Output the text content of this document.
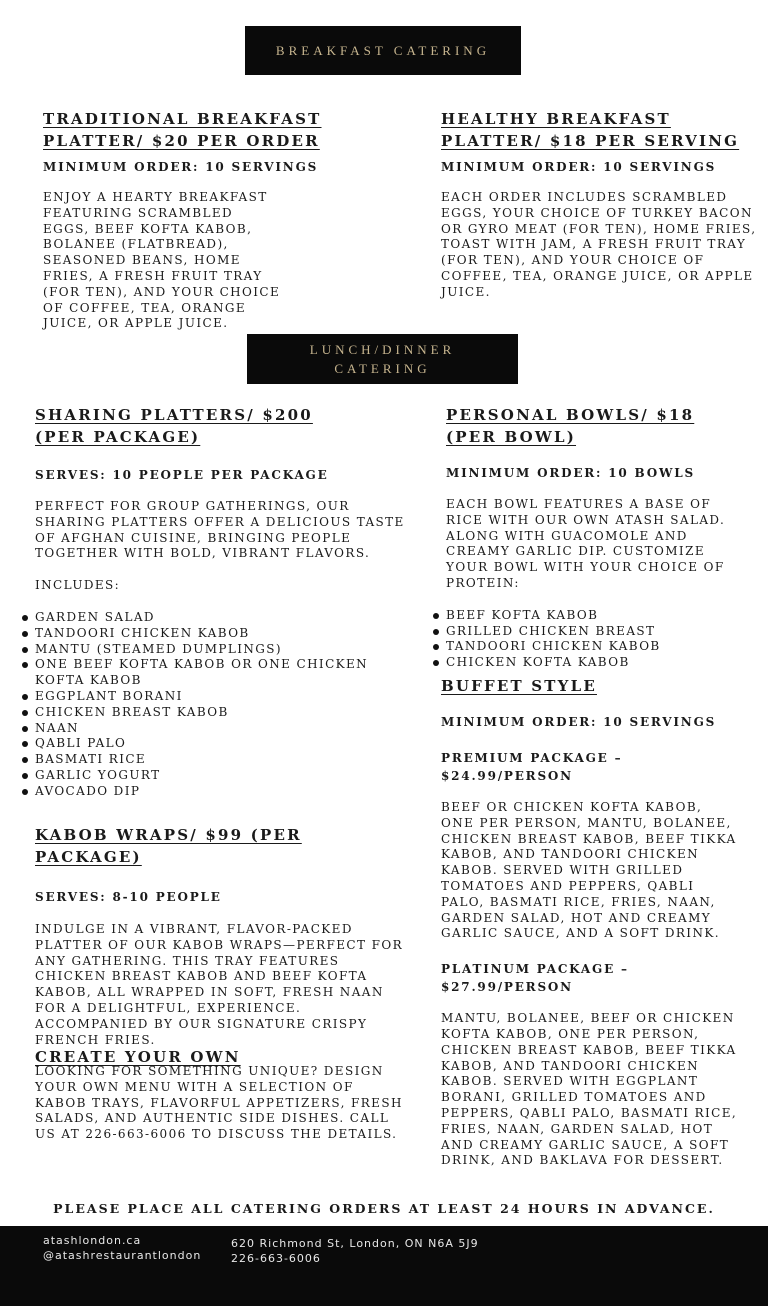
BREAKFAST CATERING
TRADITIONAL BREAKFAST
PLATTER/ $20 PER ORDER
MINIMUM ORDER: 10 SERVINGS
ENJOY A HEARTY BREAKFAST FEATURING SCRAMBLED EGGS, BEEF KOFTA KABOB, BOLANEE (FLATBREAD), SEASONED BEANS, HOME FRIES, A FRESH FRUIT TRAY (FOR TEN), AND YOUR CHOICE OF COFFEE, TEA, ORANGE JUICE, OR APPLE JUICE.
HEALTHY BREAKFAST
PLATTER/ $18 PER SERVING
MINIMUM ORDER: 10 SERVINGS
EACH ORDER INCLUDES SCRAMBLED EGGS, YOUR CHOICE OF TURKEY BACON OR GYRO MEAT (FOR TEN), HOME FRIES, TOAST WITH JAM, A FRESH FRUIT TRAY (FOR TEN), AND YOUR CHOICE OF COFFEE, TEA, ORANGE JUICE, OR APPLE JUICE.
LUNCH/DINNER
CATERING
SHARING PLATTERS/ $200 (PER PACKAGE)
SERVES: 10 PEOPLE PER PACKAGE
PERFECT FOR GROUP GATHERINGS, OUR SHARING PLATTERS OFFER A DELICIOUS TASTE OF AFGHAN CUISINE, BRINGING PEOPLE TOGETHER WITH BOLD, VIBRANT FLAVORS.
INCLUDES:
GARDEN SALAD
TANDOORI CHICKEN KABOB
MANTU (STEAMED DUMPLINGS)
ONE BEEF KOFTA KABOB OR ONE CHICKEN KOFTA KABOB
EGGPLANT BORANI
CHICKEN BREAST KABOB
NAAN
QABLI PALO
BASMATI RICE
GARLIC YOGURT
AVOCADO DIP
KABOB WRAPS/ $99 (PER PACKAGE)
SERVES: 8-10 PEOPLE
INDULGE IN A VIBRANT, FLAVOR-PACKED PLATTER OF OUR KABOB WRAPS—PERFECT FOR ANY GATHERING. THIS TRAY FEATURES CHICKEN BREAST KABOB AND BEEF KOFTA KABOB, ALL WRAPPED IN SOFT, FRESH NAAN FOR A DELIGHTFUL, EXPERIENCE. ACCOMPANIED BY OUR SIGNATURE CRISPY FRENCH FRIES.
CREATE YOUR OWN
LOOKING FOR SOMETHING UNIQUE? DESIGN YOUR OWN MENU WITH A SELECTION OF KABOB TRAYS, FLAVORFUL APPETIZERS, FRESH SALADS, AND AUTHENTIC SIDE DISHES. CALL US AT 226-663-6006 TO DISCUSS THE DETAILS.
PERSONAL BOWLS/ $18 (PER BOWL)
MINIMUM ORDER: 10 BOWLS
EACH BOWL FEATURES A BASE OF RICE WITH OUR OWN ATASH SALAD. ALONG WITH GUACOMOLE AND CREAMY GARLIC DIP. CUSTOMIZE YOUR BOWL WITH YOUR CHOICE OF PROTEIN:
BEEF KOFTA KABOB
GRILLED CHICKEN BREAST
TANDOORI CHICKEN KABOB
CHICKEN KOFTA KABOB
BUFFET STYLE
MINIMUM ORDER: 10 SERVINGS
PREMIUM PACKAGE – $24.99/PERSON
BEEF OR CHICKEN KOFTA KABOB, ONE PER PERSON, MANTU, BOLANEE, CHICKEN BREAST KABOB, BEEF TIKKA KABOB, AND TANDOORI CHICKEN KABOB. SERVED WITH GRILLED TOMATOES AND PEPPERS, QABLI PALO, BASMATI RICE, FRIES, NAAN, GARDEN SALAD, HOT AND CREAMY GARLIC SAUCE, AND A SOFT DRINK.
PLATINUM PACKAGE – $27.99/PERSON
MANTU, BOLANEE, BEEF OR CHICKEN KOFTA KABOB, ONE PER PERSON, CHICKEN BREAST KABOB, BEEF TIKKA KABOB, AND TANDOORI CHICKEN KABOB. SERVED WITH EGGPLANT BORANI, GRILLED TOMATOES AND PEPPERS, QABLI PALO, BASMATI RICE, FRIES, NAAN, GARDEN SALAD, HOT AND CREAMY GARLIC SAUCE, A SOFT DRINK, AND BAKLAVA FOR DESSERT.
PLEASE PLACE ALL CATERING ORDERS AT LEAST 24 HOURS IN ADVANCE.
atashlondon.ca
@atashrestaurantlondon
620 Richmond St, London, ON N6A 5J9
226-663-6006
